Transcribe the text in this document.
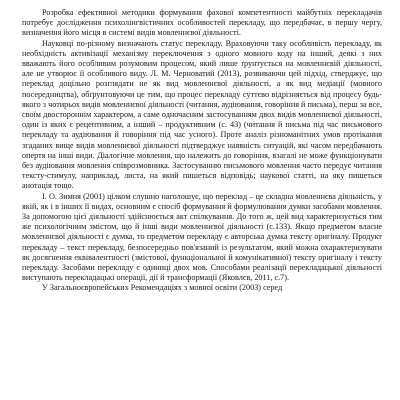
Розробка ефективної методики формування фахової компетентності майбутніх перекладачів потребує дослідження психолінгвістичних особливостей перекладу, що передбачає, в першу чергу, визначення його місця в системі видів мовленнєвої діяльності.

Науковці по-різному визначають статус перекладу. Враховуючи таку особливість перекладу, як необхідність активізації механізму переключення з одного мовного коду на інший, деякі з них вважають його особливим розумовим процесом, який лише ґрунтується на мовленнєвій діяльності, але не утворює її особливого виду. Л. М. Черноватий (2013), розвиваючи цей підхід, стверджує, що переклад доцільно розглядати не як вид мовленнєвої діяльності, а як вид медіації (мовного посередництва), обґрунтовуючи це тим, що процес перекладу суттєво відрізняється від процесу будь-якого з чотирьох видів мовленнєвої діяльності (читання, аудіювання, говоріння й письма), перш за все, своїм двостороннім характером, а саме одночасним застосуванням двох видів мовленнєвої діяльності, один із яких є рецептивним, а інший – продуктивним (с. 43) (читання й письма під час письмового перекладу та аудіювання й говоріння під час усного). Проте аналіз різноманітних умов протікання згаданих вище видів мовленнєвої діяльності підтверджує наявність ситуацій, які часом передбачають опертя на інші види. Діалогічне мовлення, що належить до говоріння, взагалі не може функціонувати без аудіювання мовлення співрозмовника. Застосуванню письмового мовлення часто передує читання тексту-стимулу, наприклад, листа, на який пишеться відповідь; наукової статті, на яку пишеться анотація тощо.

І. О. Зимня (2001) цілком слушно наголошує, що переклад – це складна мовленнєва діяльність, у якій, як і в інших її видах, основним є спосіб формування й формулювання думки засобами мовлення. За допомогою цієї діяльності здійснюється акт спілкування. До того ж, цей вид характеризується тим же психологічним змістом, що й інші види мовленнєвої діяльності (с.133). Якщо предметом власне мовленнєвої діяльності є думка, то предметом перекладу є авторська думка тексту оригіналу. Продукт перекладу – текст перекладу, безпосередньо пов'язаний із результатом, який можна охарактеризувати як досягнення еквівалентності (змістової, функціональної й комунікативної) тексту оригіналу і тексту перекладу. Засобами перекладу є одиниці двох мов. Способами реалізації перекладацької діяльності виступають перекладацькі операції, дії й трансформації (Яковлєв, 2011, с.7).

У Загальноєвропейських Рекомендаціях з мовної освіти (2003) серед
